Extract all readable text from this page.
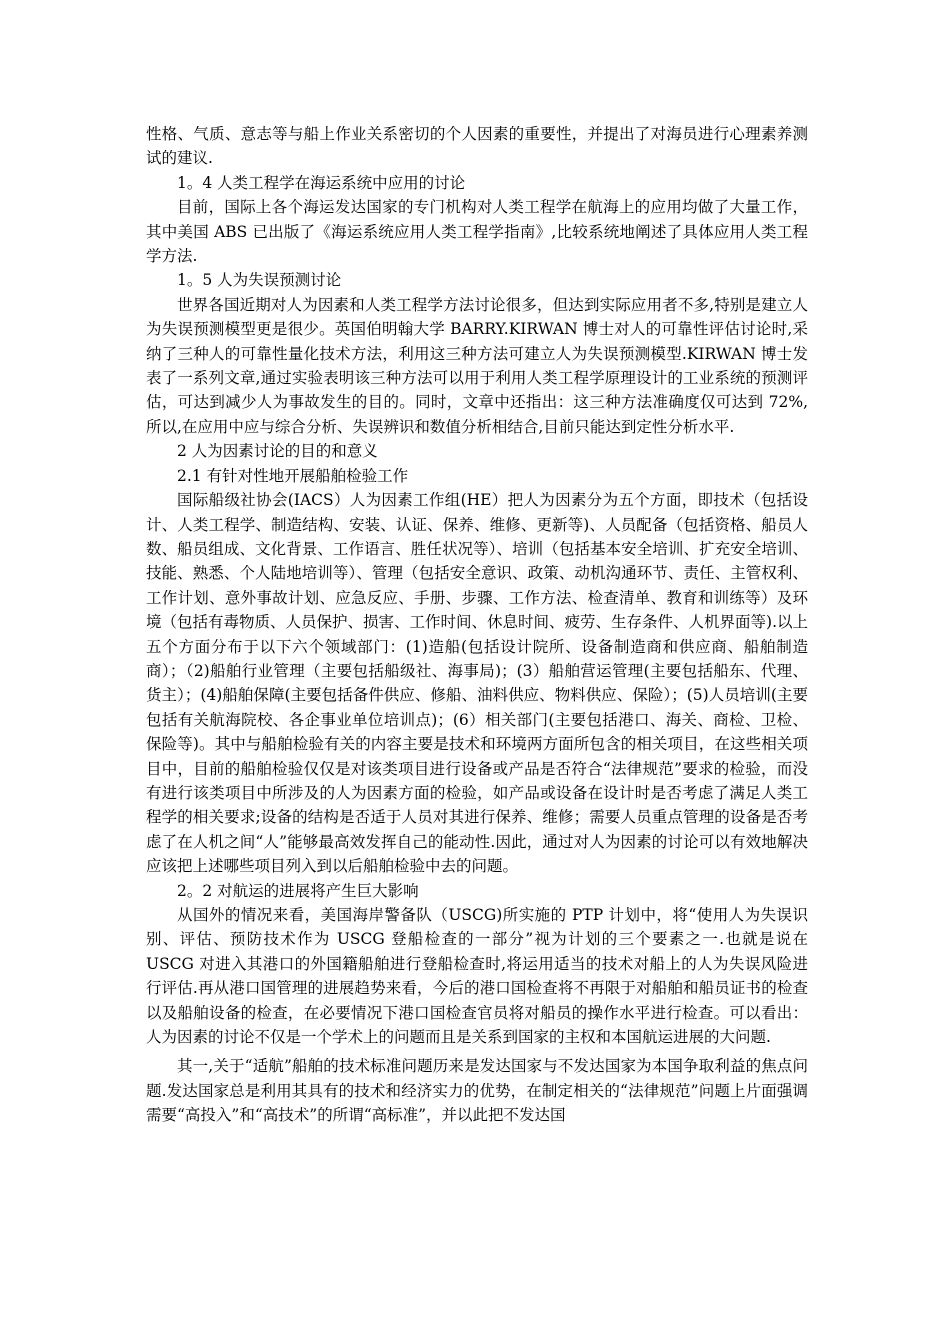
性格、气质、意志等与船上作业关系密切的个人因素的重要性，并提出了对海员进行心理素养测试的建议.

1。4 人类工程学在海运系统中应用的讨论

目前，国际上各个海运发达国家的专门机构对人类工程学在航海上的应用均做了大量工作，其中美国 ABS 已出版了《海运系统应用人类工程学指南》,比较系统地阐述了具体应用人类工程学方法.

1。5 人为失误预测讨论

世界各国近期对人为因素和人类工程学方法讨论很多，但达到实际应用者不多,特别是建立人为失误预测模型更是很少。英国伯明翰大学 BARRY.KIRWAN 博士对人的可靠性评估讨论时,采纳了三种人的可靠性量化技术方法，利用这三种方法可建立人为失误预测模型.KIRWAN 博士发表了一系列文章,通过实验表明该三种方法可以用于利用人类工程学原理设计的工业系统的预测评估，可达到减少人为事故发生的目的。同时，文章中还指出：这三种方法准确度仅可达到 72%,所以,在应用中应与综合分析、失误辨识和数值分析相结合,目前只能达到定性分析水平.

2 人为因素讨论的目的和意义

2.1 有针对性地开展船舶检验工作

国际船级社协会(IACS）人为因素工作组(HE）把人为因素分为五个方面，即技术（包括设计、人类工程学、制造结构、安装、认证、保养、维修、更新等)、人员配备（包括资格、船员人数、船员组成、文化背景、工作语言、胜任状况等）、培训（包括基本安全培训、扩充安全培训、技能、熟悉、个人陆地培训等）、管理（包括安全意识、政策、动机沟通环节、责任、主管权利、工作计划、意外事故计划、应急反应、手册、步骤、工作方法、检查清单、教育和训练等）及环境（包括有毒物质、人员保护、损害、工作时间、休息时间、疲劳、生存条件、人机界面等).以上五个方面分布于以下六个领域部门：(1)造船(包括设计院所、设备制造商和供应商、船舶制造商）；（2)船舶行业管理（主要包括船级社、海事局)；(3）船舶营运管理(主要包括船东、代理、货主）；(4)船舶保障(主要包括备件供应、修船、油料供应、物料供应、保险）；(5)人员培训(主要包括有关航海院校、各企事业单位培训点)；(6）相关部门(主要包括港口、海关、商检、卫检、保险等)。其中与船舶检验有关的内容主要是技术和环境两方面所包含的相关项目，在这些相关项目中，目前的船舶检验仅仅是对该类项目进行设备或产品是否符合“法律规范”要求的检验，而没有进行该类项目中所涉及的人为因素方面的检验，如产品或设备在设计时是否考虑了满足人类工程学的相关要求;设备的结构是否适于人员对其进行保养、维修；需要人员重点管理的设备是否考虑了在人机之间“人”能够最高效发挥自己的能动性.因此，通过对人为因素的讨论可以有效地解决应该把上述哪些项目列入到以后船舶检验中去的问题。

2。2 对航运的进展将产生巨大影响

从国外的情况来看，美国海岸警备队（USCG)所实施的 PTP 计划中，将“使用人为失误识别、评估、预防技术作为 USCG 登船检查的一部分”视为计划的三个要素之一.也就是说在 USCG 对进入其港口的外国籍船舶进行登船检查时,将运用适当的技术对船上的人为失误风险进行评估.再从港口国管理的进展趋势来看，今后的港口国检查将不再限于对船舶和船员证书的检查以及船舶设备的检查，在必要情况下港口国检查官员将对船员的操作水平进行检查。可以看出：人为因素的讨论不仅是一个学术上的问题而且是关系到国家的主权和本国航运进展的大问题.

其一,关于“适航”船舶的技术标准问题历来是发达国家与不发达国家为本国争取利益的焦点问题.发达国家总是利用其具有的技术和经济实力的优势，在制定相关的“法律规范”问题上片面强调需要“高投入”和“高技术”的所谓“高标准”，并以此把不发达国
